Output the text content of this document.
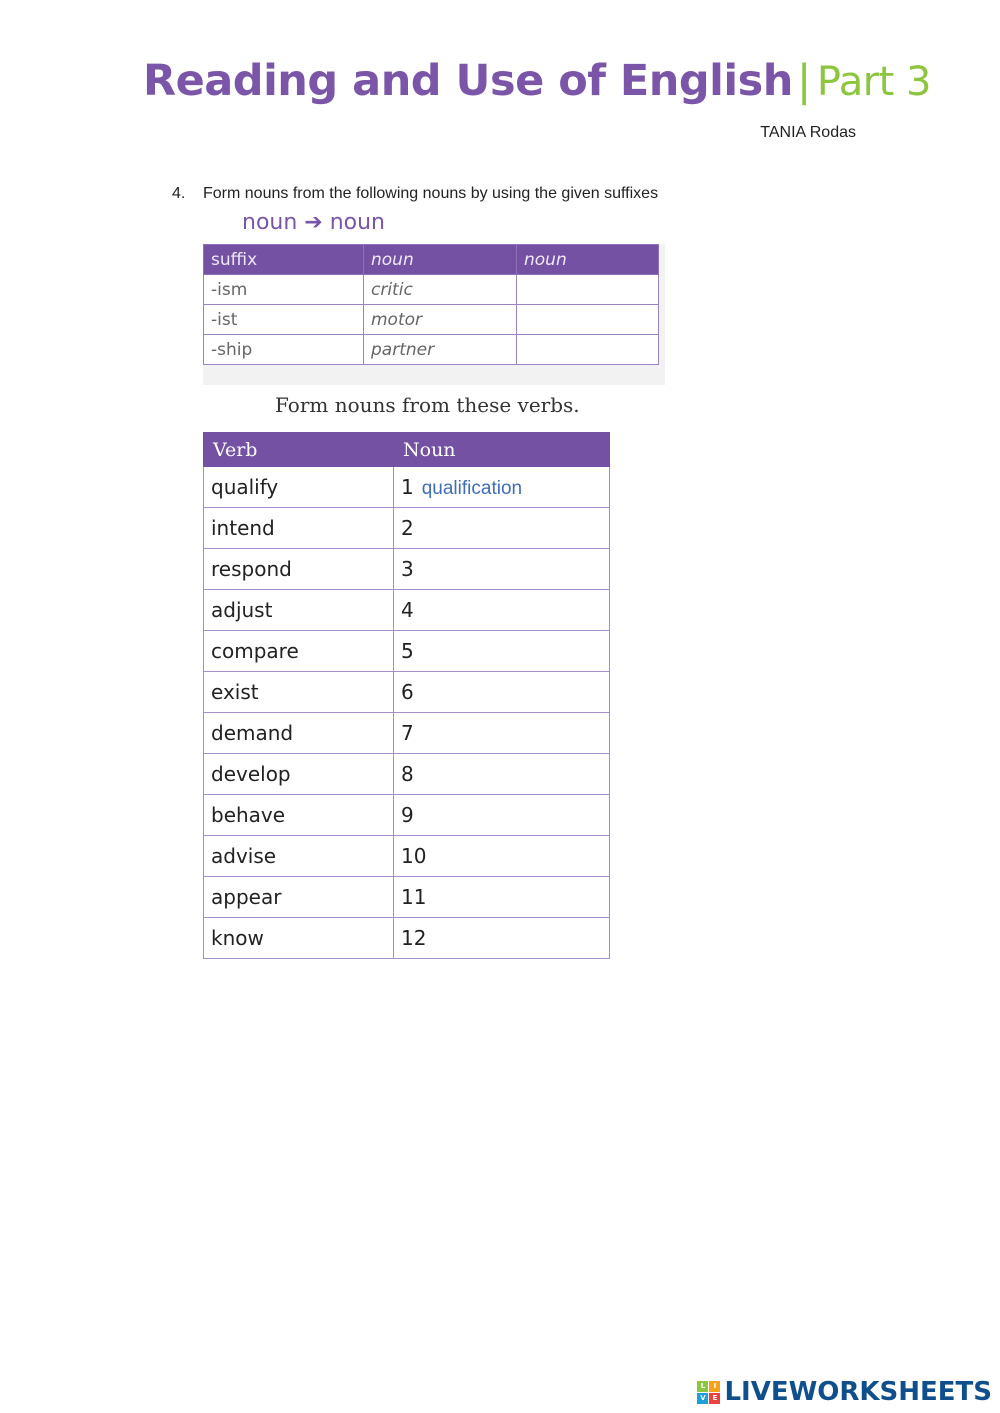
Reading and Use of English| Part 3
TANIA Rodas
4. Form nouns from the following nouns by using the given suffixes
noun ➔ noun
suffix	noun	noun
-ism	critic	
-ist	motor	
-ship	partner	
Form nouns from these verbs.
Verb	Noun
qualify	1 qualification
intend	2
respond	3
adjust	4
compare	5
exist	6
demand	7
develop	8
behave	9
advise	10
appear	11
know	12
L	I
V E LIVEWORKSHEETS
